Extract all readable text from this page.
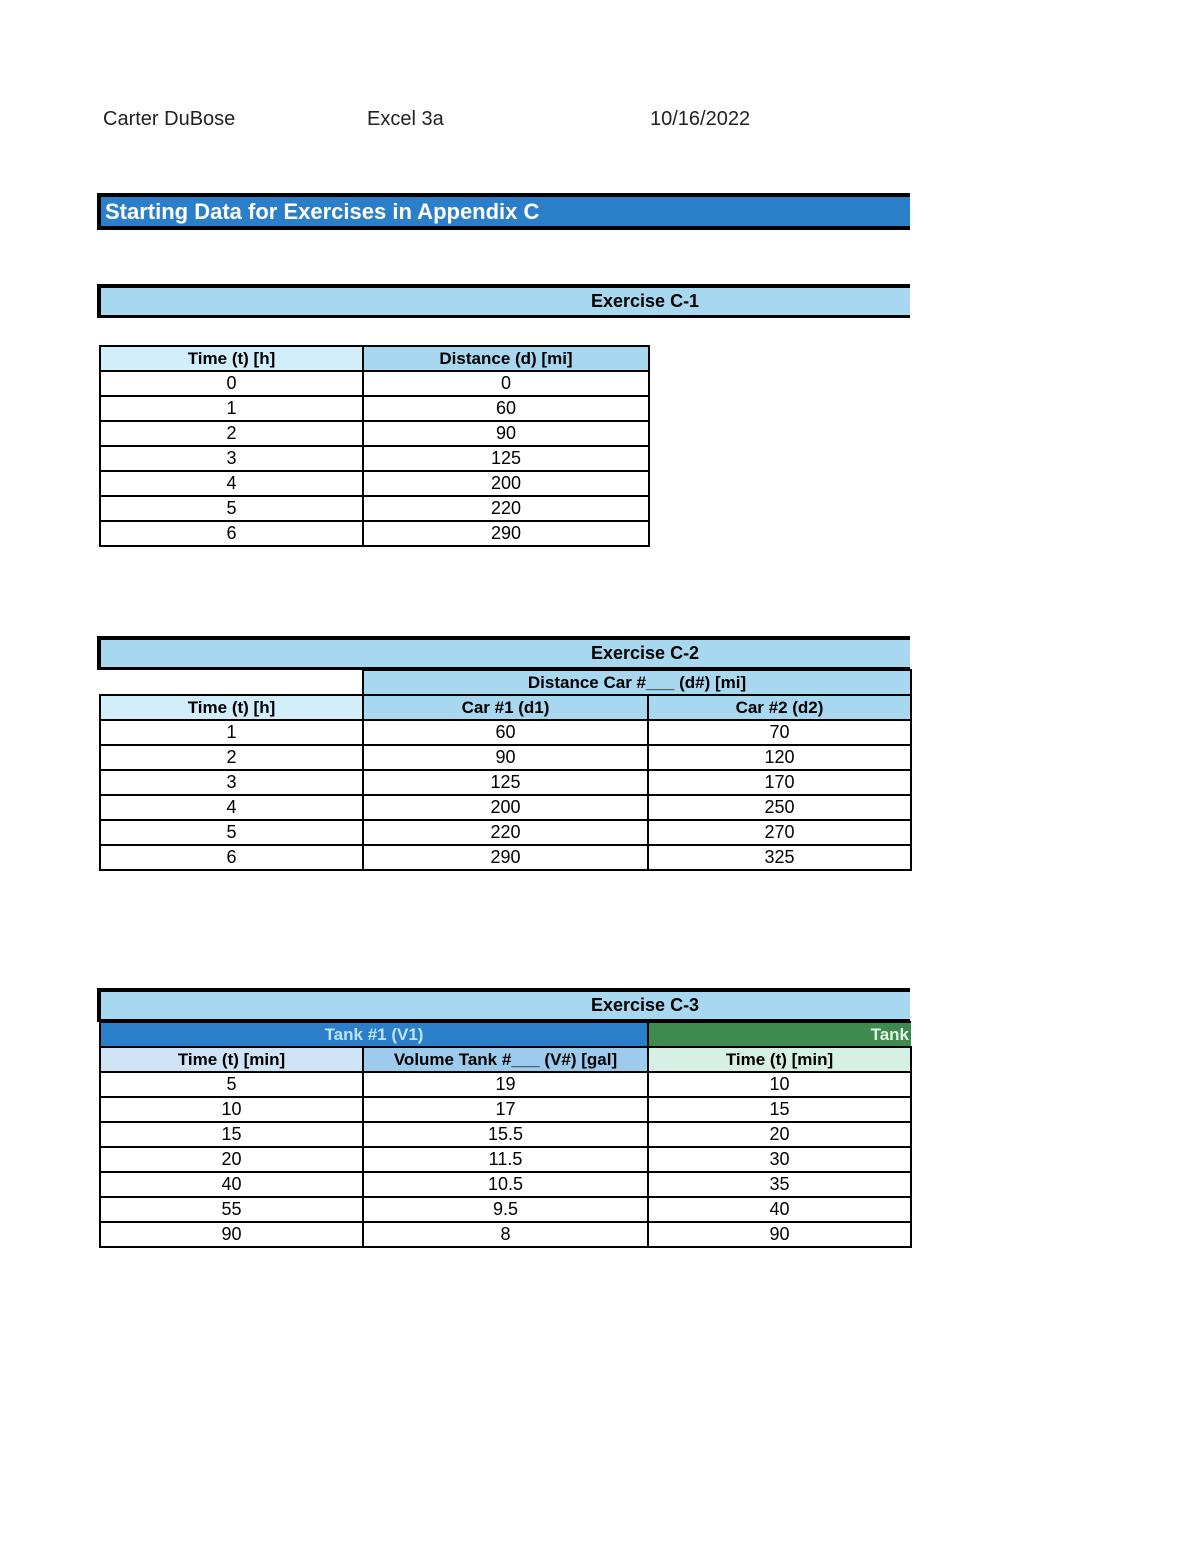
Carter DuBose	Excel 3a	10/16/2022
Starting Data for Exercises in Appendix C
Exercise C-1
Time (t) [h]	Distance (d) [mi]
0	0
1	60
2	90
3	125
4	200
5	220
6	290
Exercise C-2
	Distance Car #___ (d#) [mi]	
Time (t) [h]	Car #1 (d1)	Car #2 (d2)
1	60	70
2	90	120
3	125	170
4	200	250
5	220	270
6	290	325
Exercise C-3
Tank #1 (V1)		Tank
Time (t) [min]	Volume Tank #___ (V#) [gal]	Time (t) [min]
5	19	10
10	17	15
15	15.5	20
20	11.5	30
40	10.5	35
55	9.5	40
90	8	90
